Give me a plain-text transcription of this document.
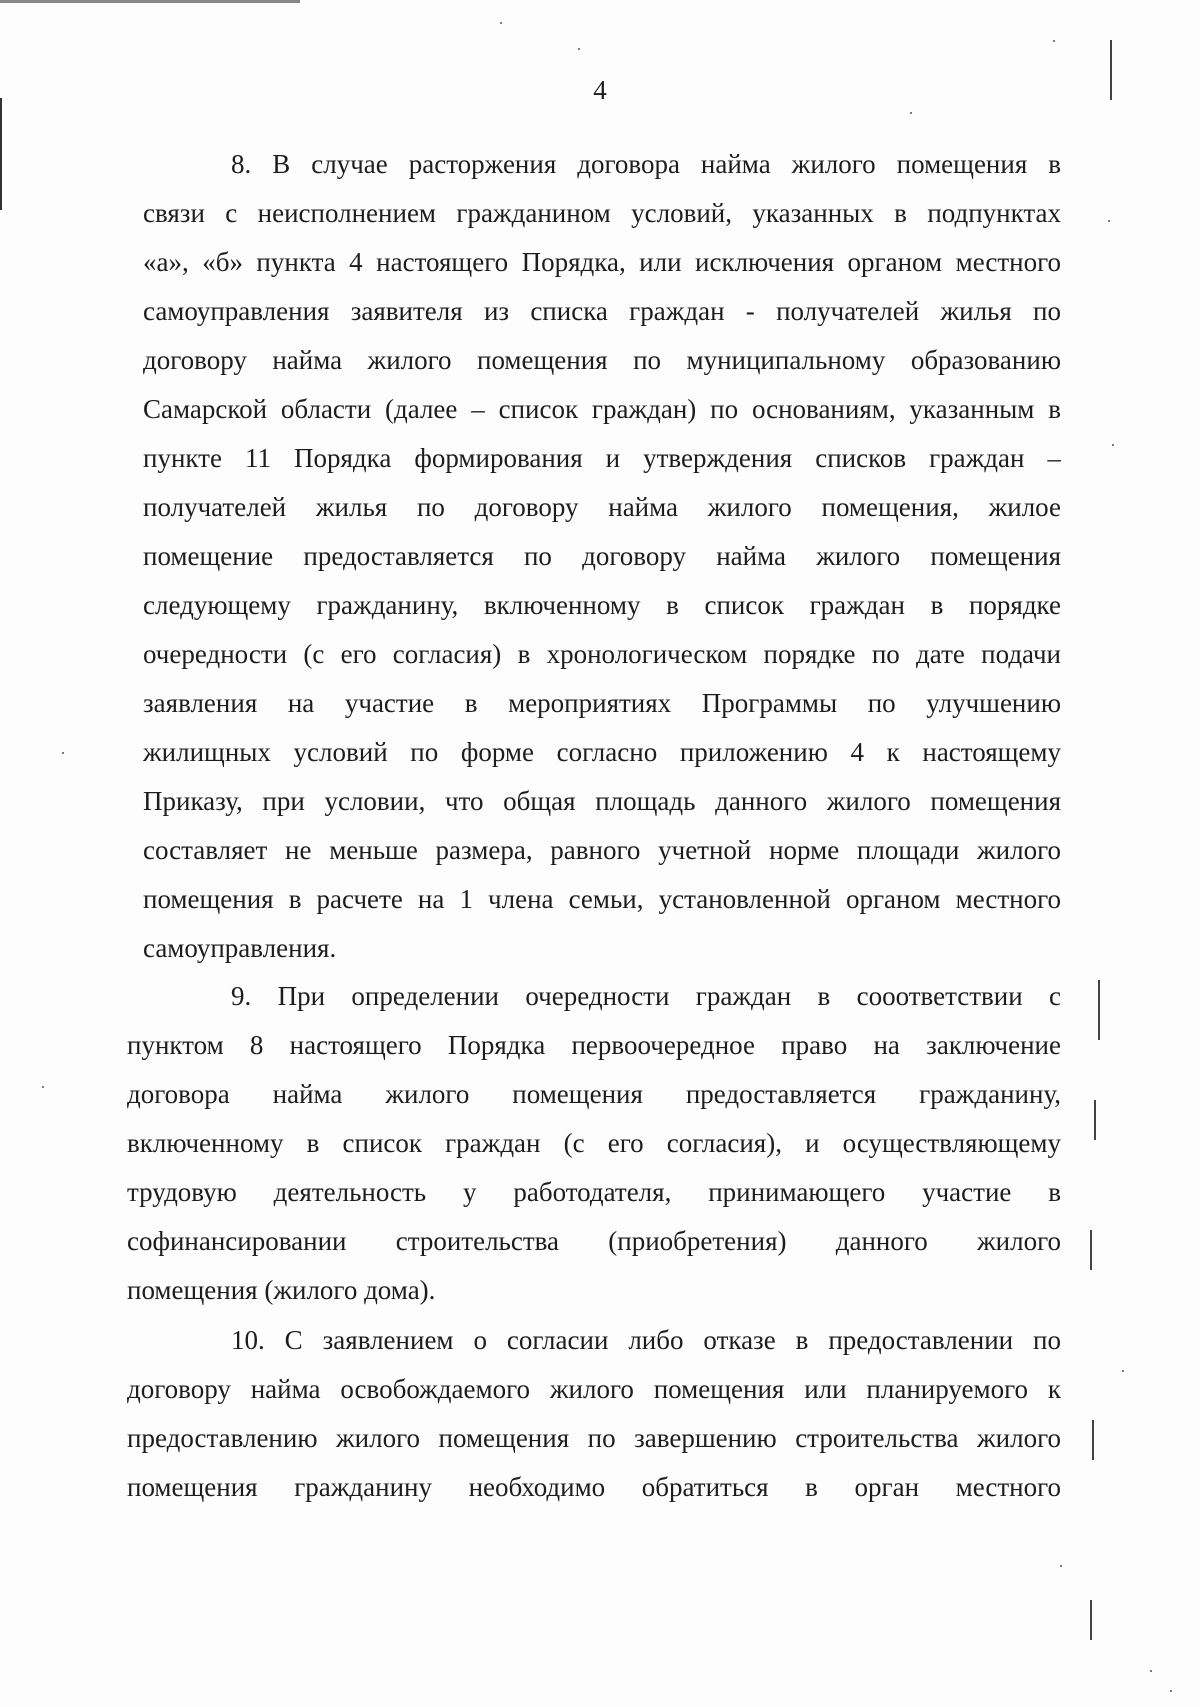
4
8. В случае расторжения договора найма жилого помещения в
связи с неисполнением гражданином условий, указанных в подпунктах
«а», «б» пункта 4 настоящего Порядка, или исключения органом местного
самоуправления заявителя из списка граждан - получателей жилья по
договору найма жилого помещения по муниципальному образованию
Самарской области (далее – список граждан) по основаниям, указанным в
пункте 11 Порядка формирования и утверждения списков граждан –
получателей жилья по договору найма жилого помещения, жилое
помещение предоставляется по договору найма жилого помещения
следующему гражданину, включенному в список граждан в порядке
очередности (с его согласия) в хронологическом порядке по дате подачи
заявления на участие в мероприятиях Программы по улучшению
жилищных условий по форме согласно приложению 4 к настоящему
Приказу, при условии, что общая площадь данного жилого помещения
составляет не меньше размера, равного учетной норме площади жилого
помещения в расчете на 1 члена семьи, установленной органом местного
самоуправления.
9. При определении очередности граждан в сооответствии с
пунктом 8 настоящего Порядка первоочередное право на заключение
договора найма жилого помещения предоставляется гражданину,
включенному в список граждан (с его согласия), и осуществляющему
трудовую деятельность у работодателя, принимающего участие в
софинансировании строительства (приобретения) данного жилого
помещения (жилого дома).
10. С заявлением о согласии либо отказе в предоставлении по
договору найма освобождаемого жилого помещения или планируемого к
предоставлению жилого помещения по завершению строительства жилого
помещения гражданину необходимо обратиться в орган местного
